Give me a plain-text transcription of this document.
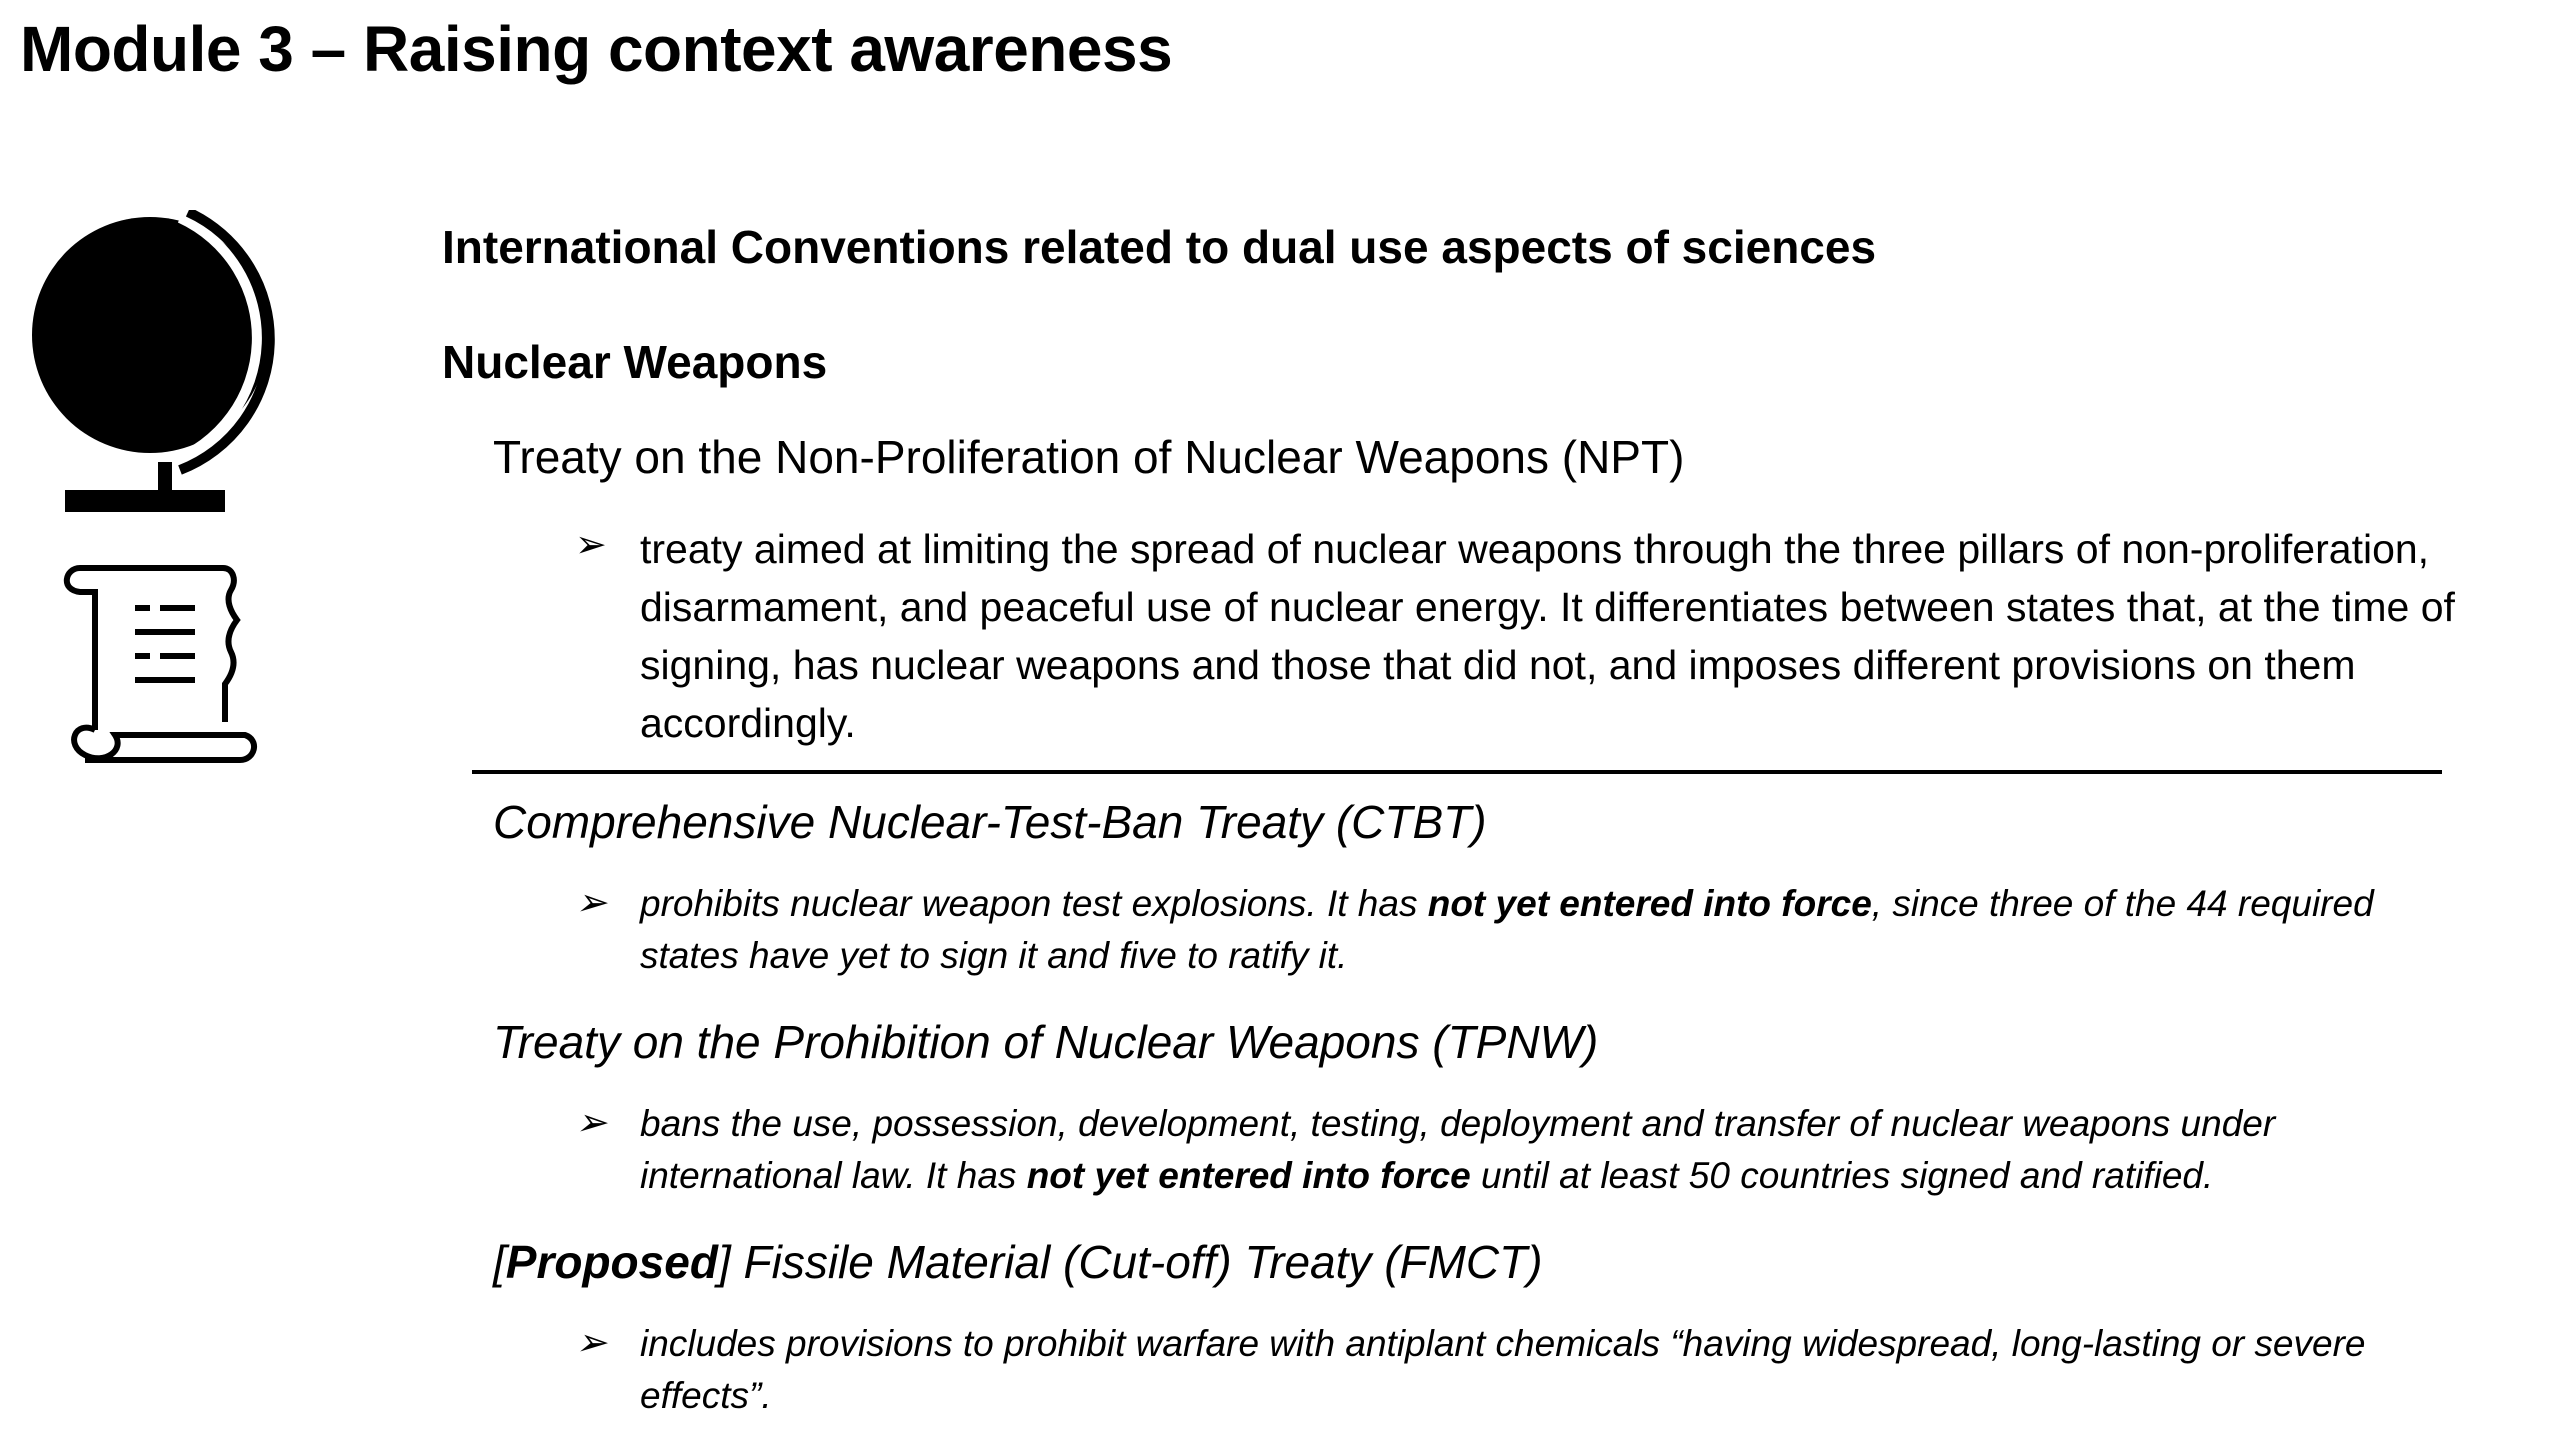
Module 3 – Raising context awareness
International Conventions related to dual use aspects of sciences
Nuclear Weapons
Treaty on the Non-Proliferation of Nuclear Weapons (NPT)
➢ treaty aimed at limiting the spread of nuclear weapons through the three pillars of non-proliferation, disarmament, and peaceful use of nuclear energy. It differentiates between states that, at the time of signing, has nuclear weapons and those that did not, and imposes different provisions on them accordingly.
Comprehensive Nuclear-Test-Ban Treaty (CTBT)
➢ prohibits nuclear weapon test explosions. It has not yet entered into force, since three of the 44 required states have yet to sign it and five to ratify it.
Treaty on the Prohibition of Nuclear Weapons (TPNW)
➢ bans the use, possession, development, testing, deployment and transfer of nuclear weapons under international law. It has not yet entered into force until at least 50 countries signed and ratified.
[Proposed] Fissile Material (Cut-off) Treaty (FMCT)
➢ includes provisions to prohibit warfare with antiplant chemicals “having widespread, long-lasting or severe effects”.
